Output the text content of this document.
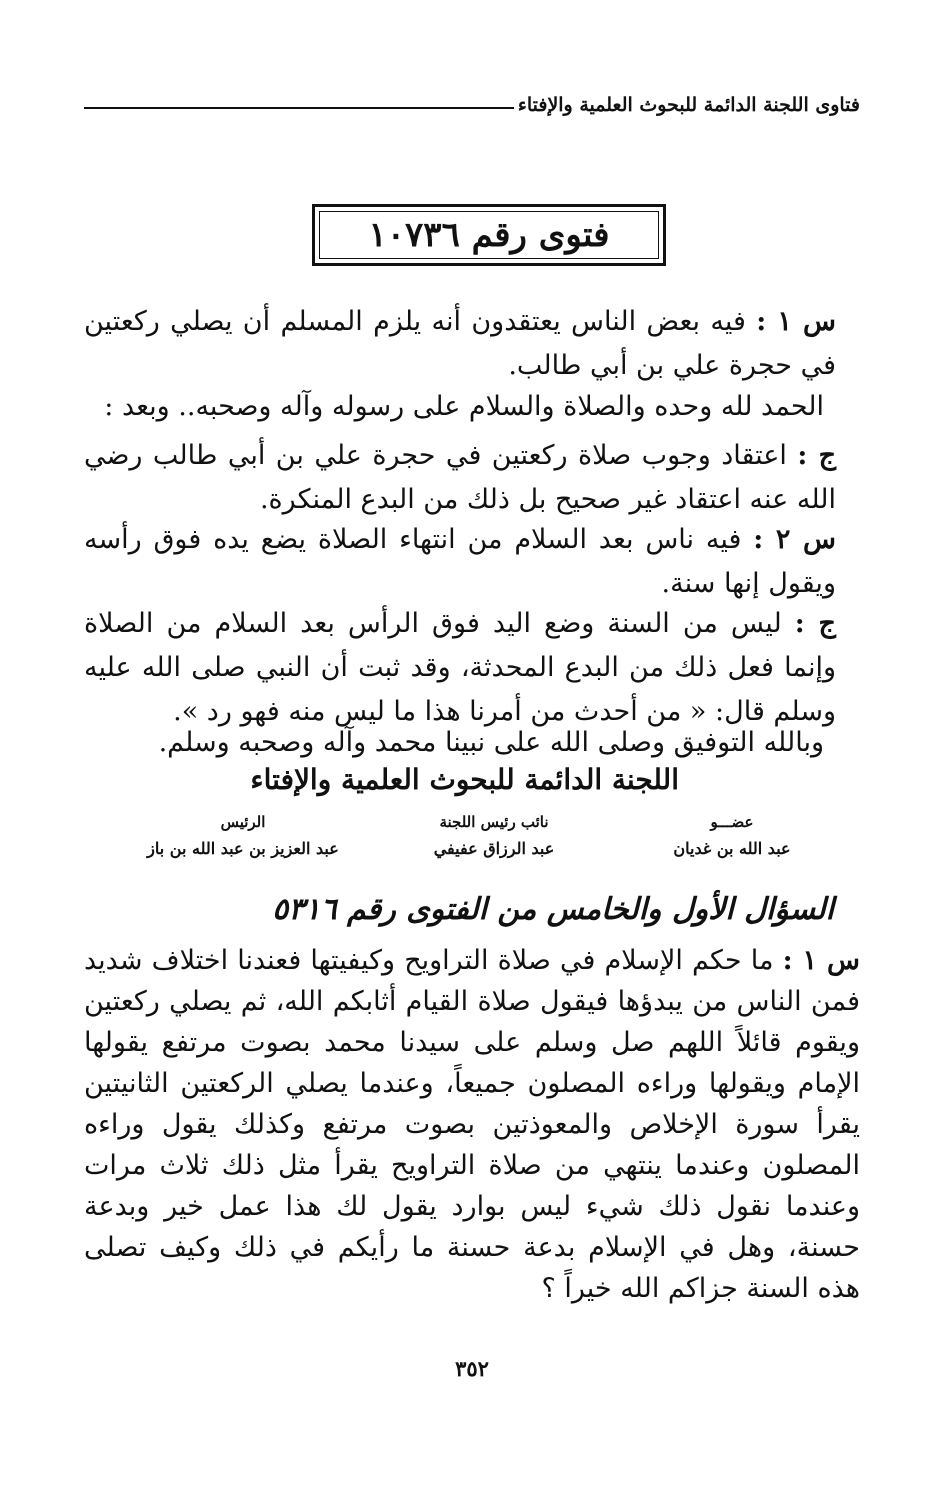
فتاوى اللجنة الدائمة للبحوث العلمية والإفتاء
فتوى رقم ١٠٧٣٦
س ١ : فيه بعض الناس يعتقدون أنه يلزم المسلم أن يصلي ركعتين في حجرة علي بن أبي طالب.
الحمد لله وحده والصلاة والسلام على رسوله وآله وصحبه.. وبعد :
ج : اعتقاد وجوب صلاة ركعتين في حجرة علي بن أبي طالب رضي الله عنه اعتقاد غير صحيح بل ذلك من البدع المنكرة.
س ٢ : فيه ناس بعد السلام من انتهاء الصلاة يضع يده فوق رأسه ويقول إنها سنة.
ج : ليس من السنة وضع اليد فوق الرأس بعد السلام من الصلاة وإنما فعل ذلك من البدع المحدثة، وقد ثبت أن النبي صلى الله عليه وسلم قال: « من أحدث من أمرنا هذا ما ليس منه فهو رد ».
وبالله التوفيق وصلى الله على نبينا محمد وآله وصحبه وسلم.
اللجنة الدائمة للبحوث العلمية والإفتاء
الرئيس
عبد العزيز بن عبد الله بن باز
نائب رئيس اللجنة
عبد الرزاق عفيفي
عضـــو
عبد الله بن غديان
السؤال الأول والخامس من الفتوى رقم ٥٣١٦
س ١ : ما حكم الإسلام في صلاة التراويح وكيفيتها فعندنا اختلاف شديد فمن الناس من يبدؤها فيقول صلاة القيام أثابكم الله، ثم يصلي ركعتين ويقوم قائلاً اللهم صل وسلم على سيدنا محمد بصوت مرتفع يقولها الإمام ويقولها وراءه المصلون جميعاً، وعندما يصلي الركعتين الثانيتين يقرأ سورة الإخلاص والمعوذتين بصوت مرتفع وكذلك يقول وراءه المصلون وعندما ينتهي من صلاة التراويح يقرأ مثل ذلك ثلاث مرات وعندما نقول ذلك شيء ليس بوارد يقول لك هذا عمل خير وبدعة حسنة، وهل في الإسلام بدعة حسنة ما رأيكم في ذلك وكيف تصلى هذه السنة جزاكم الله خيراً ؟
٣٥٢
